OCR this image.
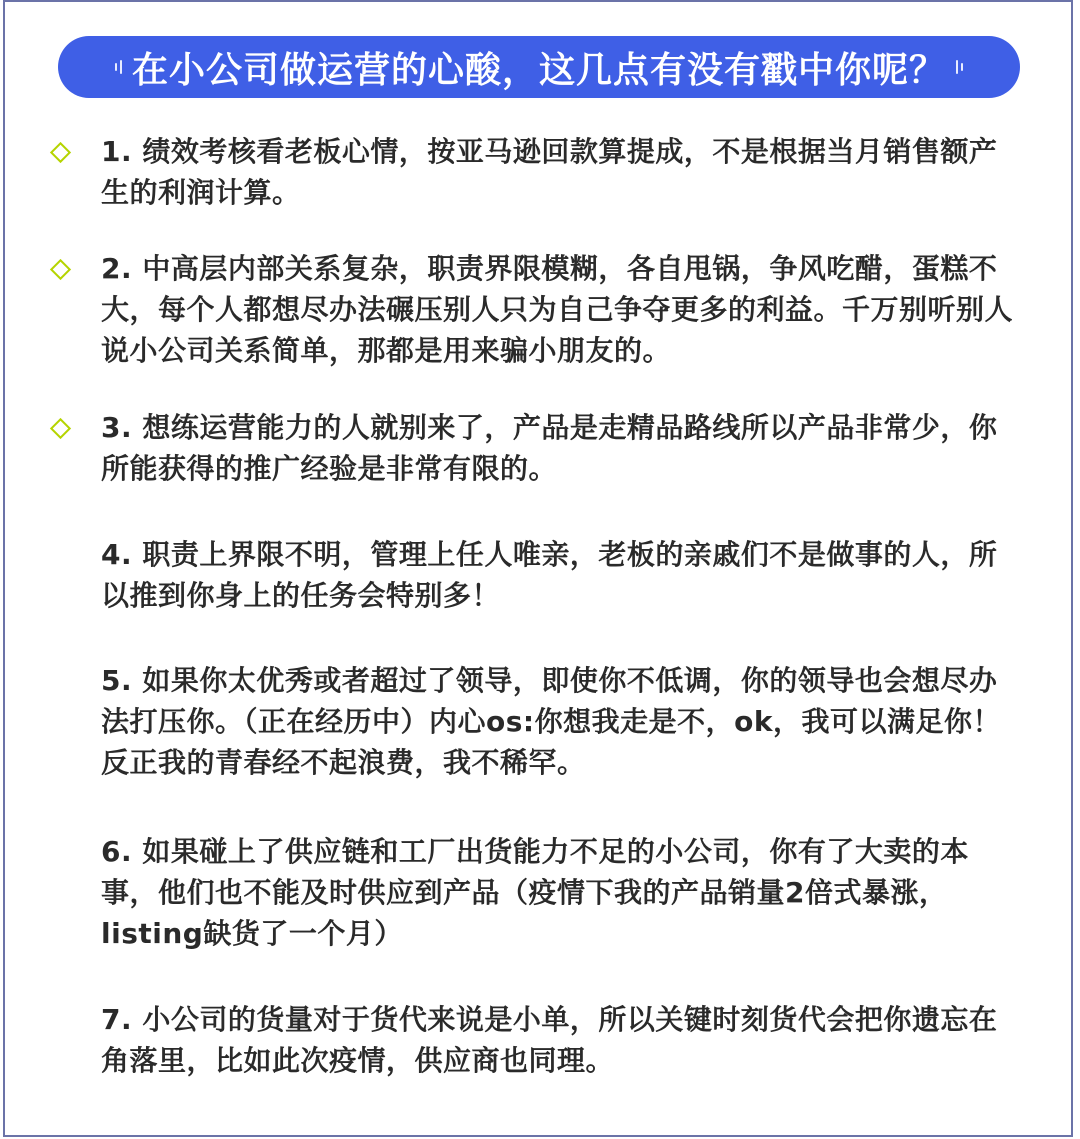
在小公司做运营的心酸，这几点有没有戳中你呢？
1. 绩效考核看老板心情，按亚马逊回款算提成，不是根据当月销售额产生的利润计算。
2. 中高层内部关系复杂，职责界限模糊，各自甩锅，争风吃醋，蛋糕不大，每个人都想尽办法碾压别人只为自己争夺更多的利益。千万别听别人说小公司关系简单，那都是用来骗小朋友的。
3. 想练运营能力的人就别来了，产品是走精品路线所以产品非常少，你所能获得的推广经验是非常有限的。
4. 职责上界限不明，管理上任人唯亲，老板的亲戚们不是做事的人，所以推到你身上的任务会特别多！
5. 如果你太优秀或者超过了领导，即使你不低调，你的领导也会想尽办法打压你。（正在经历中）内心os:你想我走是不，ok，我可以满足你！反正我的青春经不起浪费，我不稀罕。
6. 如果碰上了供应链和工厂出货能力不足的小公司，你有了大卖的本事，他们也不能及时供应到产品（疫情下我的产品销量2倍式暴涨，listing缺货了一个月）
7. 小公司的货量对于货代来说是小单，所以关键时刻货代会把你遗忘在角落里，比如此次疫情，供应商也同理。
